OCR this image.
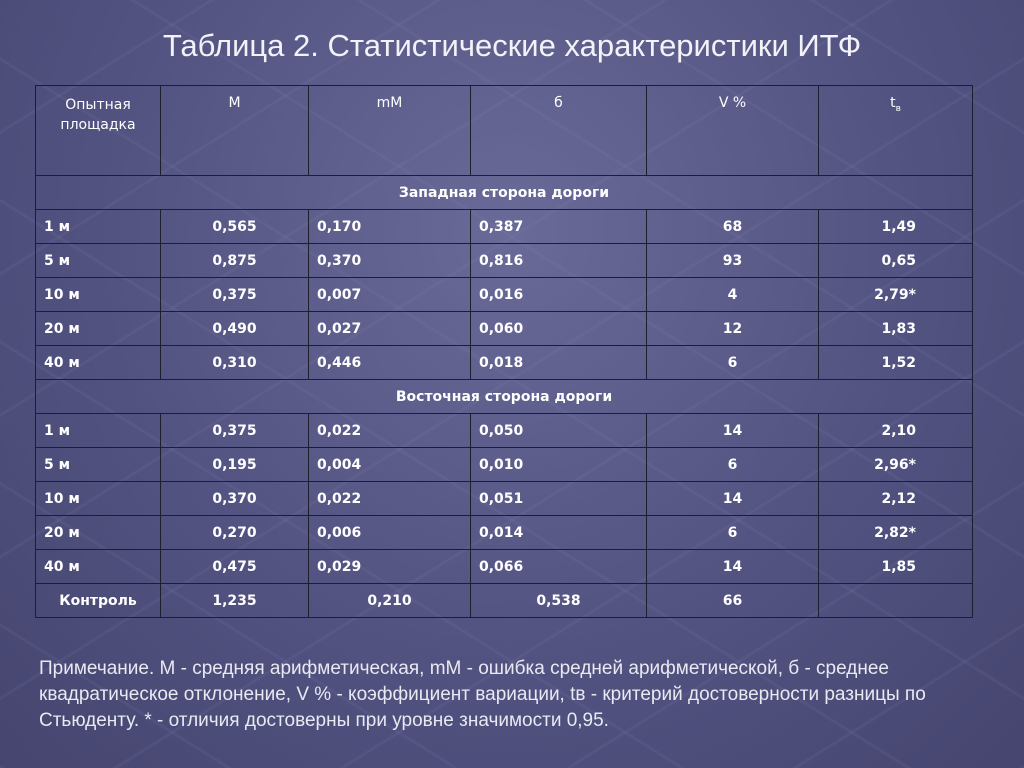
Таблица 2. Статистические характеристики ИТФ
Опытная площадка	М	mM	б	V %	$t_в$
Западная сторона дороги					
1 м	0,565	0,170	0,387	68	1,49
5 м	0,875	0,370	0,816	93	0,65
10 м	0,375	0,007	0,016	4	2,79*
20 м	0,490	0,027	0,060	12	1,83
40 м	0,310	0,446	0,018	6	1,52
Восточная сторона дороги					
1 м	0,375	0,022	0,050	14	2,10
5 м	0,195	0,004	0,010	6	2,96*
10 м	0,370	0,022	0,051	14	2,12
20 м	0,270	0,006	0,014	6	2,82*
40 м	0,475	0,029	0,066	14	1,85
Контроль	1,235	0,210	0,538	66	
Примечание. М - средняя арифметическая, mM - ошибка средней арифметической, б - среднее квадратическое отклонение, V % - коэффициент вариации, tв - критерий достоверности разницы по Стьюденту. * - отличия достоверны при уровне значимости 0,95.
